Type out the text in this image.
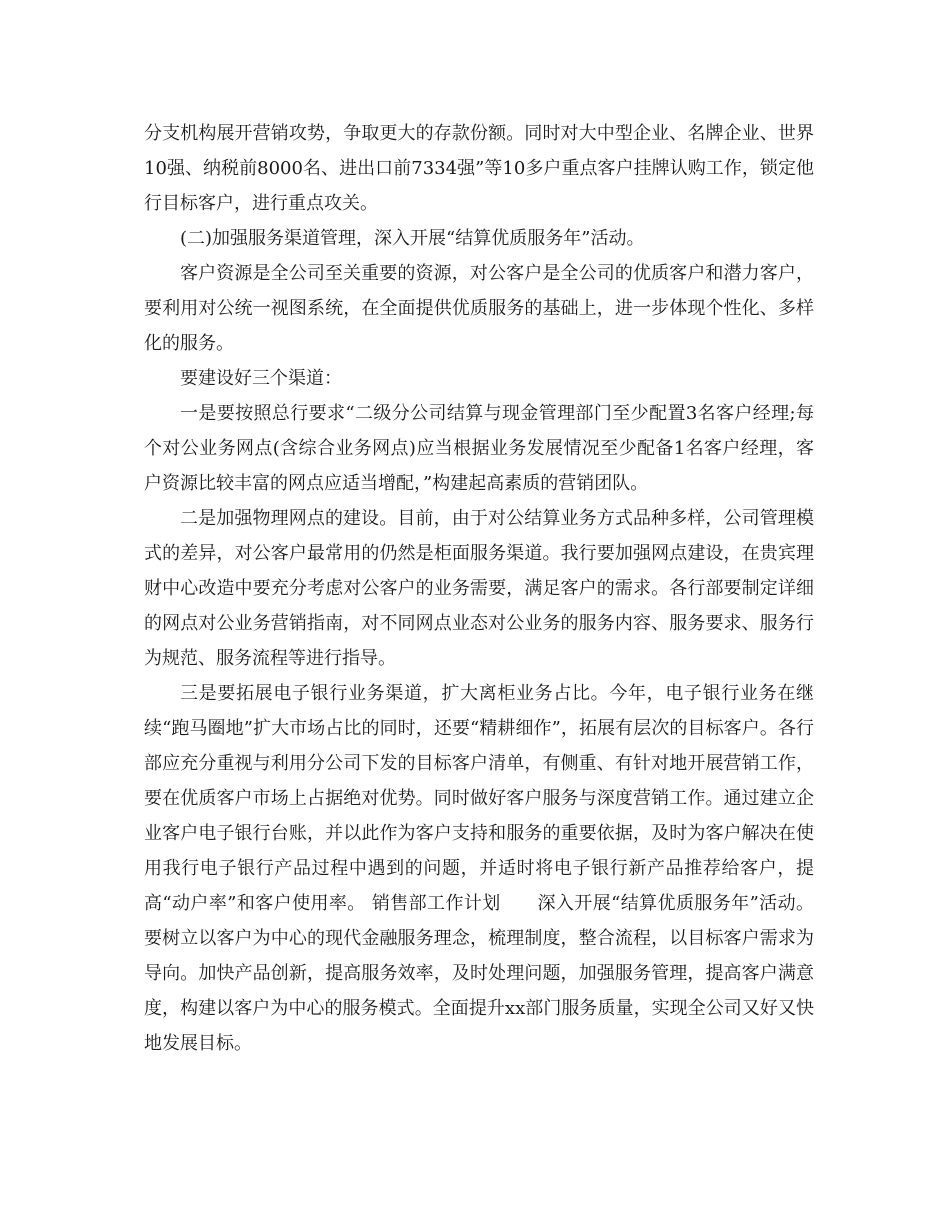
分支机构展开营销攻势，争取更大的存款份额。同时对大中型企业、名牌企业、世界10强、纳税前8000名、进出口前7334强”等10多户重点客户挂牌认购工作，锁定他行目标客户，进行重点攻关。

(二)加强服务渠道管理，深入开展“结算优质服务年”活动。

客户资源是全公司至关重要的资源，对公客户是全公司的优质客户和潜力客户，要利用对公统一视图系统，在全面提供优质服务的基础上，进一步体现个性化、多样化的服务。

要建设好三个渠道：

一是要按照总行要求“二级分公司结算与现金管理部门至少配置3名客户经理;每个对公业务网点(含综合业务网点)应当根据业务发展情况至少配备1名客户经理，客户资源比较丰富的网点应适当增配，”构建起高素质的营销团队。

二是加强物理网点的建设。目前，由于对公结算业务方式品种多样，公司管理模式的差异，对公客户最常用的仍然是柜面服务渠道。我行要加强网点建设，在贵宾理财中心改造中要充分考虑对公客户的业务需要，满足客户的需求。各行部要制定详细的网点对公业务营销指南，对不同网点业态对公业务的服务内容、服务要求、服务行为规范、服务流程等进行指导。

三是要拓展电子银行业务渠道，扩大离柜业务占比。今年，电子银行业务在继续“跑马圈地”扩大市场占比的同时，还要“精耕细作”，拓展有层次的目标客户。各行部应充分重视与利用分公司下发的目标客户清单，有侧重、有针对地开展营销工作，要在优质客户市场上占据绝对优势。同时做好客户服务与深度营销工作。通过建立企业客户电子银行台账，并以此作为客户支持和服务的重要依据，及时为客户解决在使用我行电子银行产品过程中遇到的问题，并适时将电子银行新产品推荐给客户，提高“动户率”和客户使用率。 销售部工作计划　　深入开展“结算优质服务年”活动。要树立以客户为中心的现代金融服务理念，梳理制度，整合流程，以目标客户需求为导向。加快产品创新，提高服务效率，及时处理问题，加强服务管理，提高客户满意度，构建以客户为中心的服务模式。全面提升xx部门服务质量，实现全公司又好又快地发展目标。
